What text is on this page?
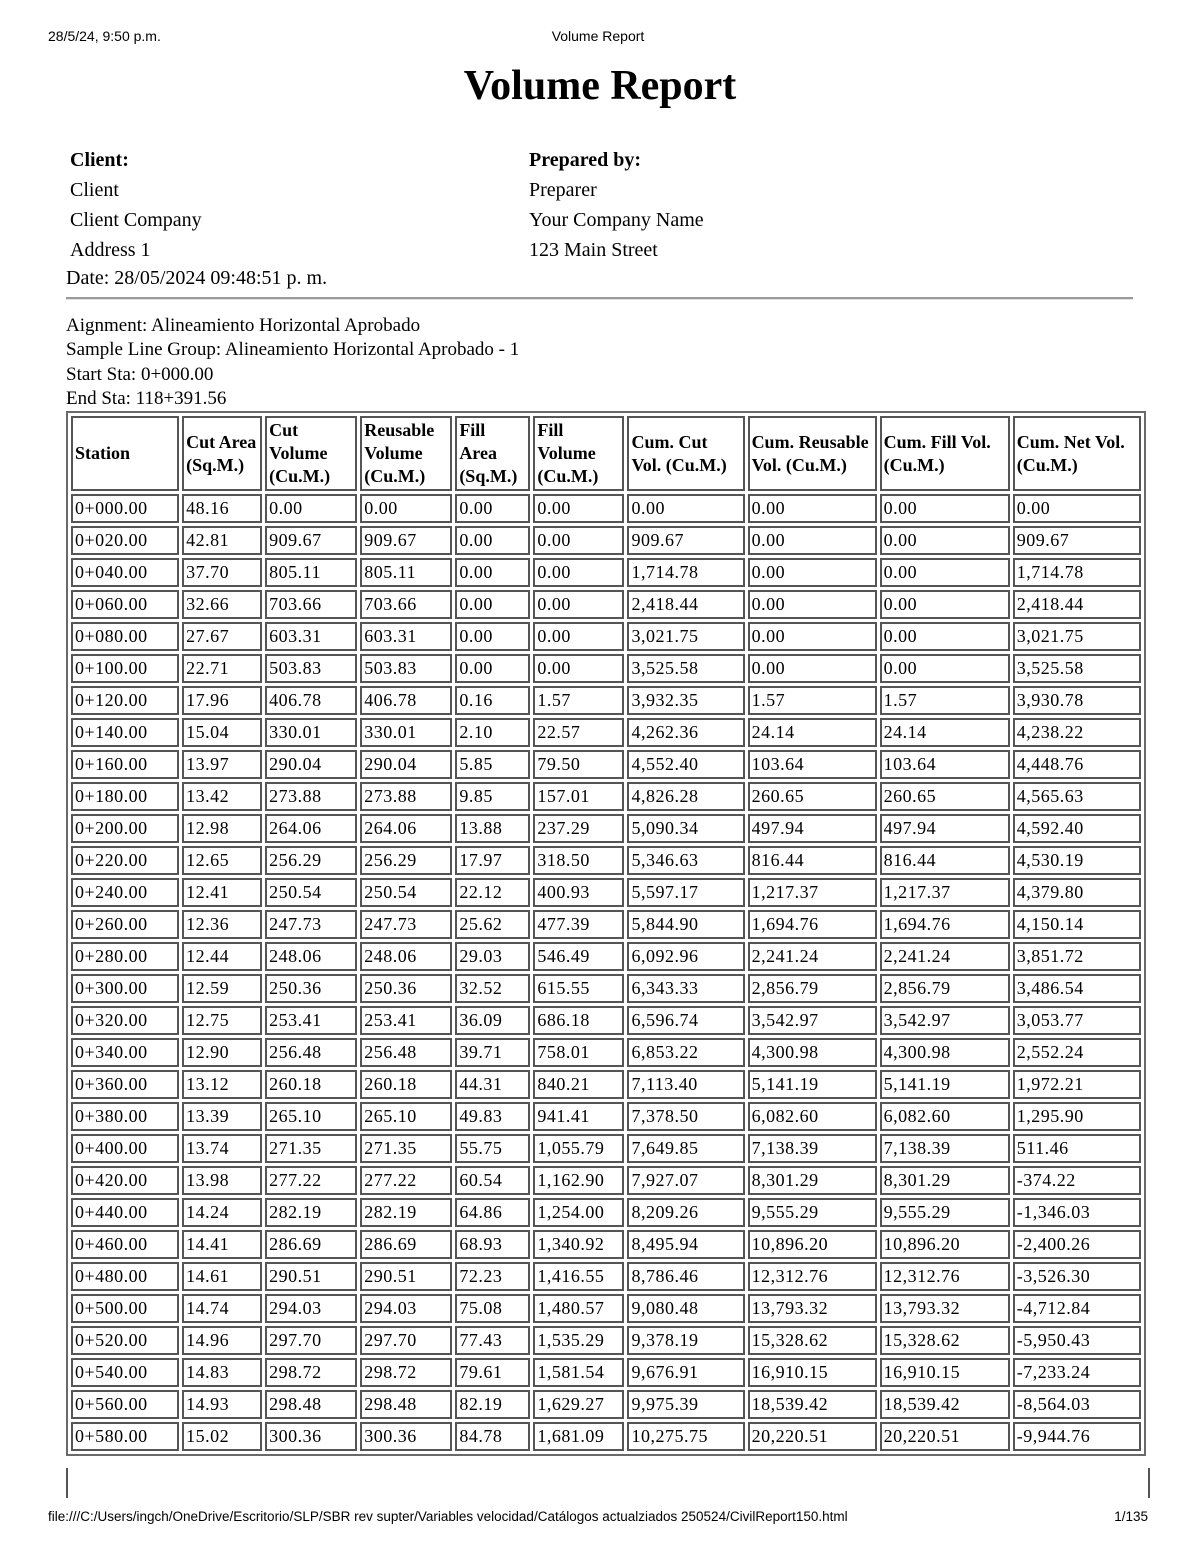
28/5/24, 9:50 p.m.	Volume Report
Volume Report
Client:
Client
Client Company
Address 1
Prepared by:
Preparer
Your Company Name
123 Main Street
Date: 28/05/2024 09:48:51 p. m.
Aignment: Alineamiento Horizontal Aprobado
Sample Line Group: Alineamiento Horizontal Aprobado - 1
Start Sta: 0+000.00
End Sta: 118+391.56
Station	Cut Area (Sq.M.)	Cut Volume (Cu.M.)	Reusable Volume (Cu.M.)	Fill Area (Sq.M.)	Fill Volume (Cu.M.)	Cum. Cut Vol. (Cu.M.)	Cum. Reusable Vol. (Cu.M.)	Cum. Fill Vol. (Cu.M.)	Cum. Net Vol. (Cu.M.)
0+000.00	48.16	0.00	0.00	0.00	0.00	0.00	0.00	0.00	0.00
0+020.00	42.81	909.67	909.67	0.00	0.00	909.67	0.00	0.00	909.67
0+040.00	37.70	805.11	805.11	0.00	0.00	1,714.78	0.00	0.00	1,714.78
0+060.00	32.66	703.66	703.66	0.00	0.00	2,418.44	0.00	0.00	2,418.44
0+080.00	27.67	603.31	603.31	0.00	0.00	3,021.75	0.00	0.00	3,021.75
0+100.00	22.71	503.83	503.83	0.00	0.00	3,525.58	0.00	0.00	3,525.58
0+120.00	17.96	406.78	406.78	0.16	1.57	3,932.35	1.57	1.57	3,930.78
0+140.00	15.04	330.01	330.01	2.10	22.57	4,262.36	24.14	24.14	4,238.22
0+160.00	13.97	290.04	290.04	5.85	79.50	4,552.40	103.64	103.64	4,448.76
0+180.00	13.42	273.88	273.88	9.85	157.01	4,826.28	260.65	260.65	4,565.63
0+200.00	12.98	264.06	264.06	13.88	237.29	5,090.34	497.94	497.94	4,592.40
0+220.00	12.65	256.29	256.29	17.97	318.50	5,346.63	816.44	816.44	4,530.19
0+240.00	12.41	250.54	250.54	22.12	400.93	5,597.17	1,217.37	1,217.37	4,379.80
0+260.00	12.36	247.73	247.73	25.62	477.39	5,844.90	1,694.76	1,694.76	4,150.14
0+280.00	12.44	248.06	248.06	29.03	546.49	6,092.96	2,241.24	2,241.24	3,851.72
0+300.00	12.59	250.36	250.36	32.52	615.55	6,343.33	2,856.79	2,856.79	3,486.54
0+320.00	12.75	253.41	253.41	36.09	686.18	6,596.74	3,542.97	3,542.97	3,053.77
0+340.00	12.90	256.48	256.48	39.71	758.01	6,853.22	4,300.98	4,300.98	2,552.24
0+360.00	13.12	260.18	260.18	44.31	840.21	7,113.40	5,141.19	5,141.19	1,972.21
0+380.00	13.39	265.10	265.10	49.83	941.41	7,378.50	6,082.60	6,082.60	1,295.90
0+400.00	13.74	271.35	271.35	55.75	1,055.79	7,649.85	7,138.39	7,138.39	511.46
0+420.00	13.98	277.22	277.22	60.54	1,162.90	7,927.07	8,301.29	8,301.29	-374.22
0+440.00	14.24	282.19	282.19	64.86	1,254.00	8,209.26	9,555.29	9,555.29	-1,346.03
0+460.00	14.41	286.69	286.69	68.93	1,340.92	8,495.94	10,896.20	10,896.20	-2,400.26
0+480.00	14.61	290.51	290.51	72.23	1,416.55	8,786.46	12,312.76	12,312.76	-3,526.30
0+500.00	14.74	294.03	294.03	75.08	1,480.57	9,080.48	13,793.32	13,793.32	-4,712.84
0+520.00	14.96	297.70	297.70	77.43	1,535.29	9,378.19	15,328.62	15,328.62	-5,950.43
0+540.00	14.83	298.72	298.72	79.61	1,581.54	9,676.91	16,910.15	16,910.15	-7,233.24
0+560.00	14.93	298.48	298.48	82.19	1,629.27	9,975.39	18,539.42	18,539.42	-8,564.03
0+580.00	15.02	300.36	300.36	84.78	1,681.09	10,275.75	20,220.51	20,220.51	-9,944.76
file:///C:/Users/ingch/OneDrive/Escritorio/SLP/SBR rev supter/Variables velocidad/Catálogos actualziados 250524/CivilReport150.html	1/135
